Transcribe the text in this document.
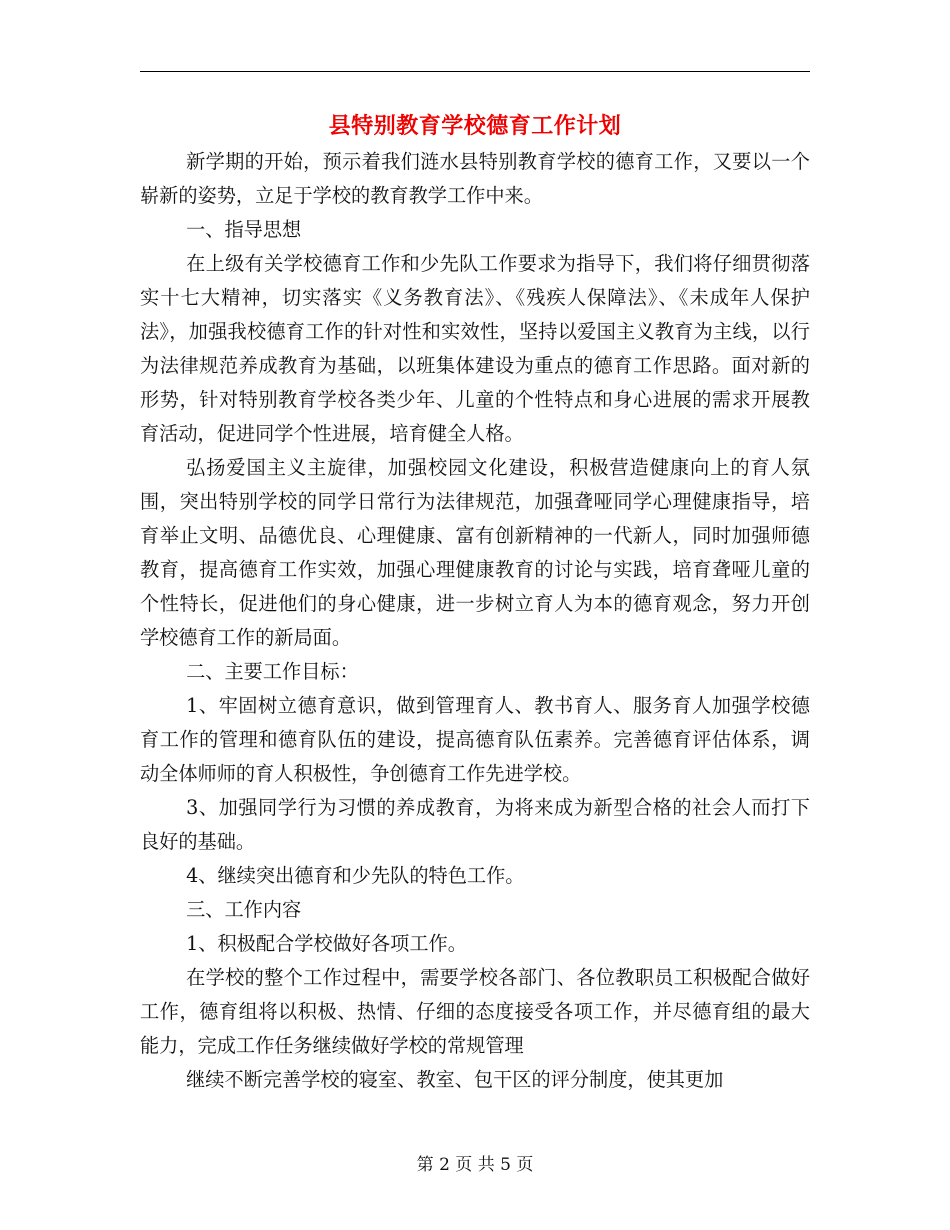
县特别教育学校德育工作计划

新学期的开始，预示着我们涟水县特别教育学校的德育工作，又要以一个崭新的姿势，立足于学校的教育教学工作中来。

一、指导思想

在上级有关学校德育工作和少先队工作要求为指导下，我们将仔细贯彻落实十七大精神，切实落实《义务教育法》、《残疾人保障法》、《未成年人保护法》，加强我校德育工作的针对性和实效性，坚持以爱国主义教育为主线，以行为法律规范养成教育为基础，以班集体建设为重点的德育工作思路。面对新的形势，针对特别教育学校各类少年、儿童的个性特点和身心进展的需求开展教育活动，促进同学个性进展，培育健全人格。

弘扬爱国主义主旋律，加强校园文化建设，积极营造健康向上的育人氛围，突出特别学校的同学日常行为法律规范，加强聋哑同学心理健康指导，培育举止文明、品德优良、心理健康、富有创新精神的一代新人，同时加强师德教育，提高德育工作实效，加强心理健康教育的讨论与实践，培育聋哑儿童的个性特长，促进他们的身心健康，进一步树立育人为本的德育观念，努力开创学校德育工作的新局面。

二、主要工作目标：

1、牢固树立德育意识，做到管理育人、教书育人、服务育人加强学校德育工作的管理和德育队伍的建设，提高德育队伍素养。完善德育评估体系，调动全体师师的育人积极性，争创德育工作先进学校。

3、加强同学行为习惯的养成教育，为将来成为新型合格的社会人而打下良好的基础。

4、继续突出德育和少先队的特色工作。

三、工作内容

1、积极配合学校做好各项工作。

在学校的整个工作过程中，需要学校各部门、各位教职员工积极配合做好工作，德育组将以积极、热情、仔细的态度接受各项工作，并尽德育组的最大能力，完成工作任务继续做好学校的常规管理

继续不断完善学校的寝室、教室、包干区的评分制度，使其更加

第 2 页 共 5 页
